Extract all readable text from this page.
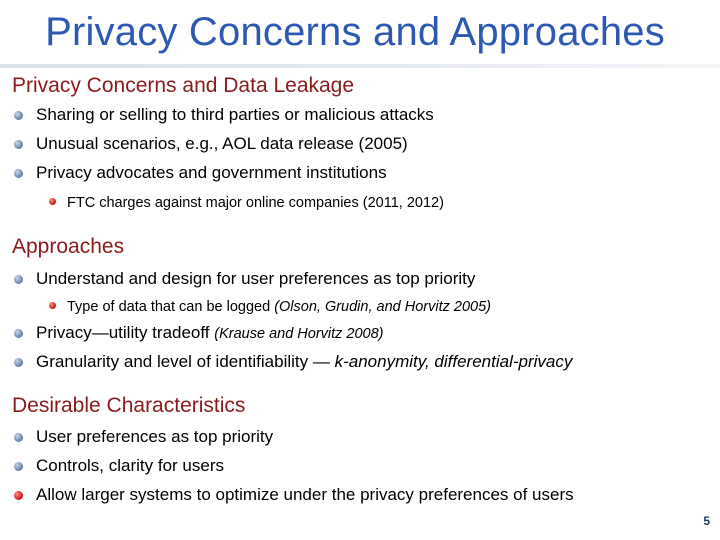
Privacy Concerns and Approaches
Privacy Concerns and Data Leakage
Sharing or selling to third parties or malicious attacks
Unusual scenarios, e.g., AOL data release (2005)
Privacy advocates and government institutions
FTC charges against major online companies (2011, 2012)
Approaches
Understand and design for user preferences as top priority
Type of data that can be logged (Olson, Grudin, and Horvitz 2005)
Privacy—utility tradeoff (Krause and Horvitz 2008)
Granularity and level of identifiability — k-anonymity, differential-privacy
Desirable Characteristics
User preferences as top priority
Controls, clarity for users
Allow larger systems to optimize under the privacy preferences of users
5
